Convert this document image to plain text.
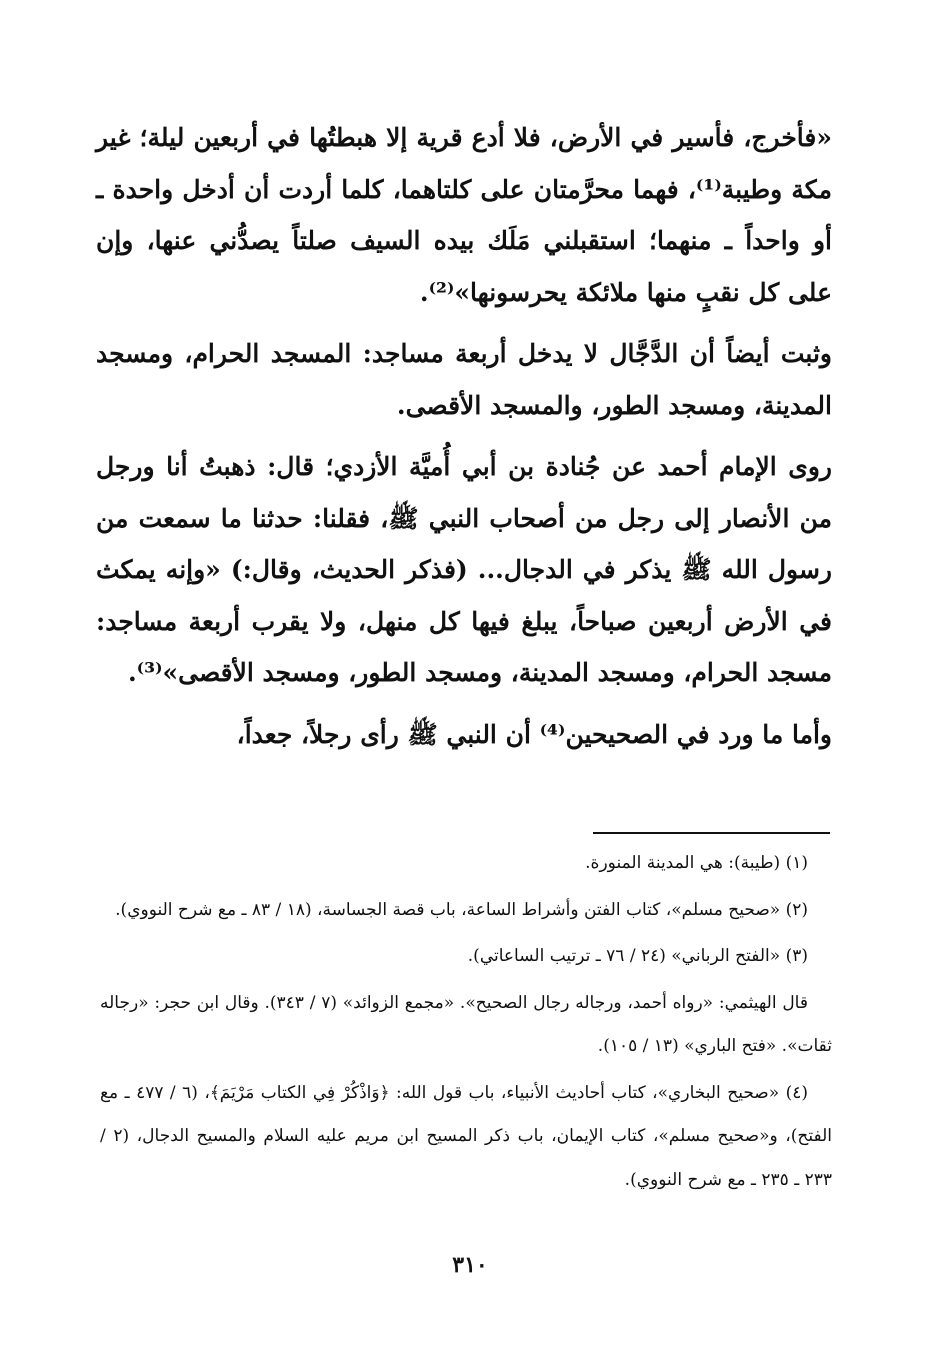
«فأخرج، فأسير في الأرض، فلا أدع قرية إلا هبطتُها في أربعين ليلة؛ غير مكة وطيبة⁽¹⁾، فهما محرَّمتان على كلتاهما، كلما أردت أن أدخل واحدة ـ أو واحداً ـ منهما؛ استقبلني مَلَك بيده السيف صلتاً يصدُّني عنها، وإن على كل نقبٍ منها ملائكة يحرسونها»⁽²⁾.

وثبت أيضاً أن الدَّجَّال لا يدخل أربعة مساجد: المسجد الحرام، ومسجد المدينة، ومسجد الطور، والمسجد الأقصى.

روى الإمام أحمد عن جُنادة بن أبي أُميَّة الأزدي؛ قال: ذهبتُ أنا ورجل من الأنصار إلى رجل من أصحاب النبي ﷺ، فقلنا: حدثنا ما سمعت من رسول الله ﷺ يذكر في الدجال... (فذكر الحديث، وقال:) «وإنه يمكث في الأرض أربعين صباحاً، يبلغ فيها كل منهل، ولا يقرب أربعة مساجد: مسجد الحرام، ومسجد المدينة، ومسجد الطور، ومسجد الأقصى»⁽³⁾.

وأما ما ورد في الصحيحين⁽⁴⁾ أن النبي ﷺ رأى رجلاً، جعداً،

(١) (طيبة): هي المدينة المنورة.

(٢) «صحيح مسلم»، كتاب الفتن وأشراط الساعة، باب قصة الجساسة، (١٨ / ٨٣ ـ مع شرح النووي).

(٣) «الفتح الرباني» (٢٤ / ٧٦ ـ ترتيب الساعاتي).

قال الهيثمي: «رواه أحمد، ورجاله رجال الصحيح». «مجمع الزوائد» (٧ / ٣٤٣). وقال ابن حجر: «رجاله ثقات». «فتح الباري» (١٣ / ١٠٥).

(٤) «صحيح البخاري»، كتاب أحاديث الأنبياء، باب قول الله: ﴿وَاذْكُرْ فِي الكتاب مَرْيَمَ﴾، (٦ / ٤٧٧ ـ مع الفتح)، و«صحيح مسلم»، كتاب الإيمان، باب ذكر المسيح ابن مريم عليه السلام والمسيح الدجال، (٢ / ٢٣٣ ـ ٢٣٥ ـ مع شرح النووي).

٣١٠
